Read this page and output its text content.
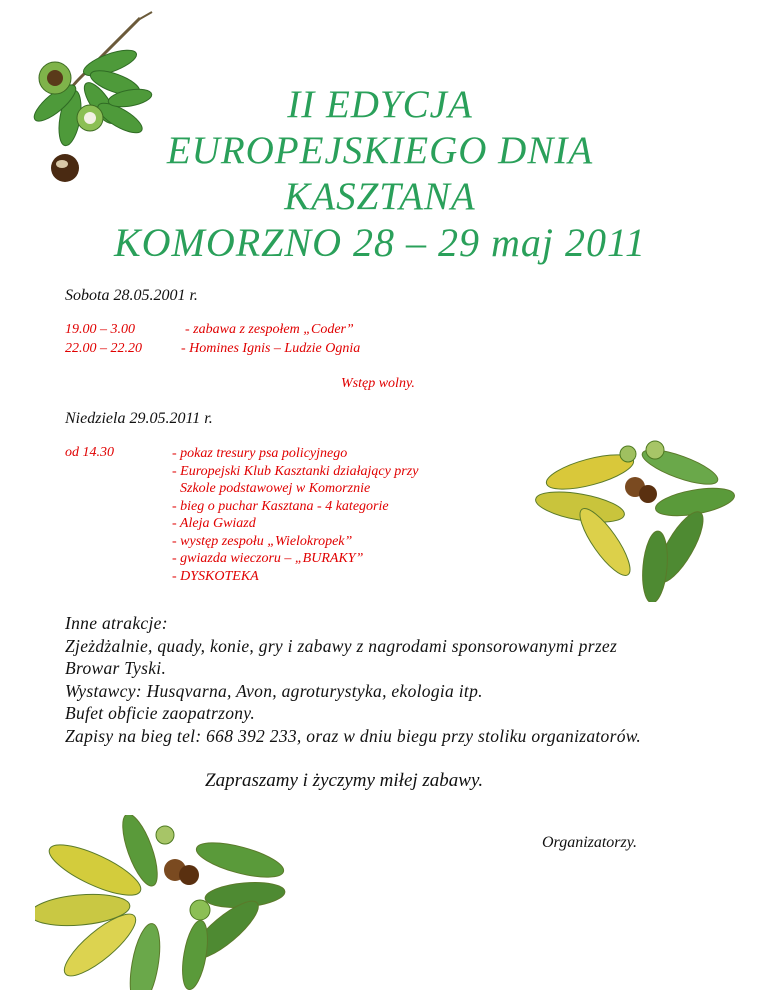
II EDYCJA
EUROPEJSKIEGO DNIA
KASZTANA
KOMORZNO 28 – 29 maj 2011
Sobota 28.05.2001 r.
19.00 – 3.00	- zabawa z zespołem „Coder”
22.00 – 22.20	- Homines Ignis – Ludzie Ognia
Wstęp wolny.
Niedziela 29.05.2011 r.
od 14.30	- pokaz tresury psa policyjnego
- Europejski Klub Kasztanki działający przy
Szkole podstawowej w Komorznie
- bieg o puchar Kasztana - 4 kategorie
- Aleja Gwiazd
- występ zespołu „Wielokropek”
- gwiazda wieczoru – „BURAKY”
- DYSKOTEKA
Inne atrakcje:
Zjeżdżalnie, quady, konie, gry i zabawy z nagrodami sponsorowanymi przez
Browar Tyski.
Wystawcy: Husqvarna, Avon, agroturystyka, ekologia itp.
Bufet obficie zaopatrzony.
Zapisy na bieg tel: 668 392 233, oraz w dniu biegu przy stoliku organizatorów.
Zapraszamy i życzymy miłej zabawy.
Organizatorzy.
